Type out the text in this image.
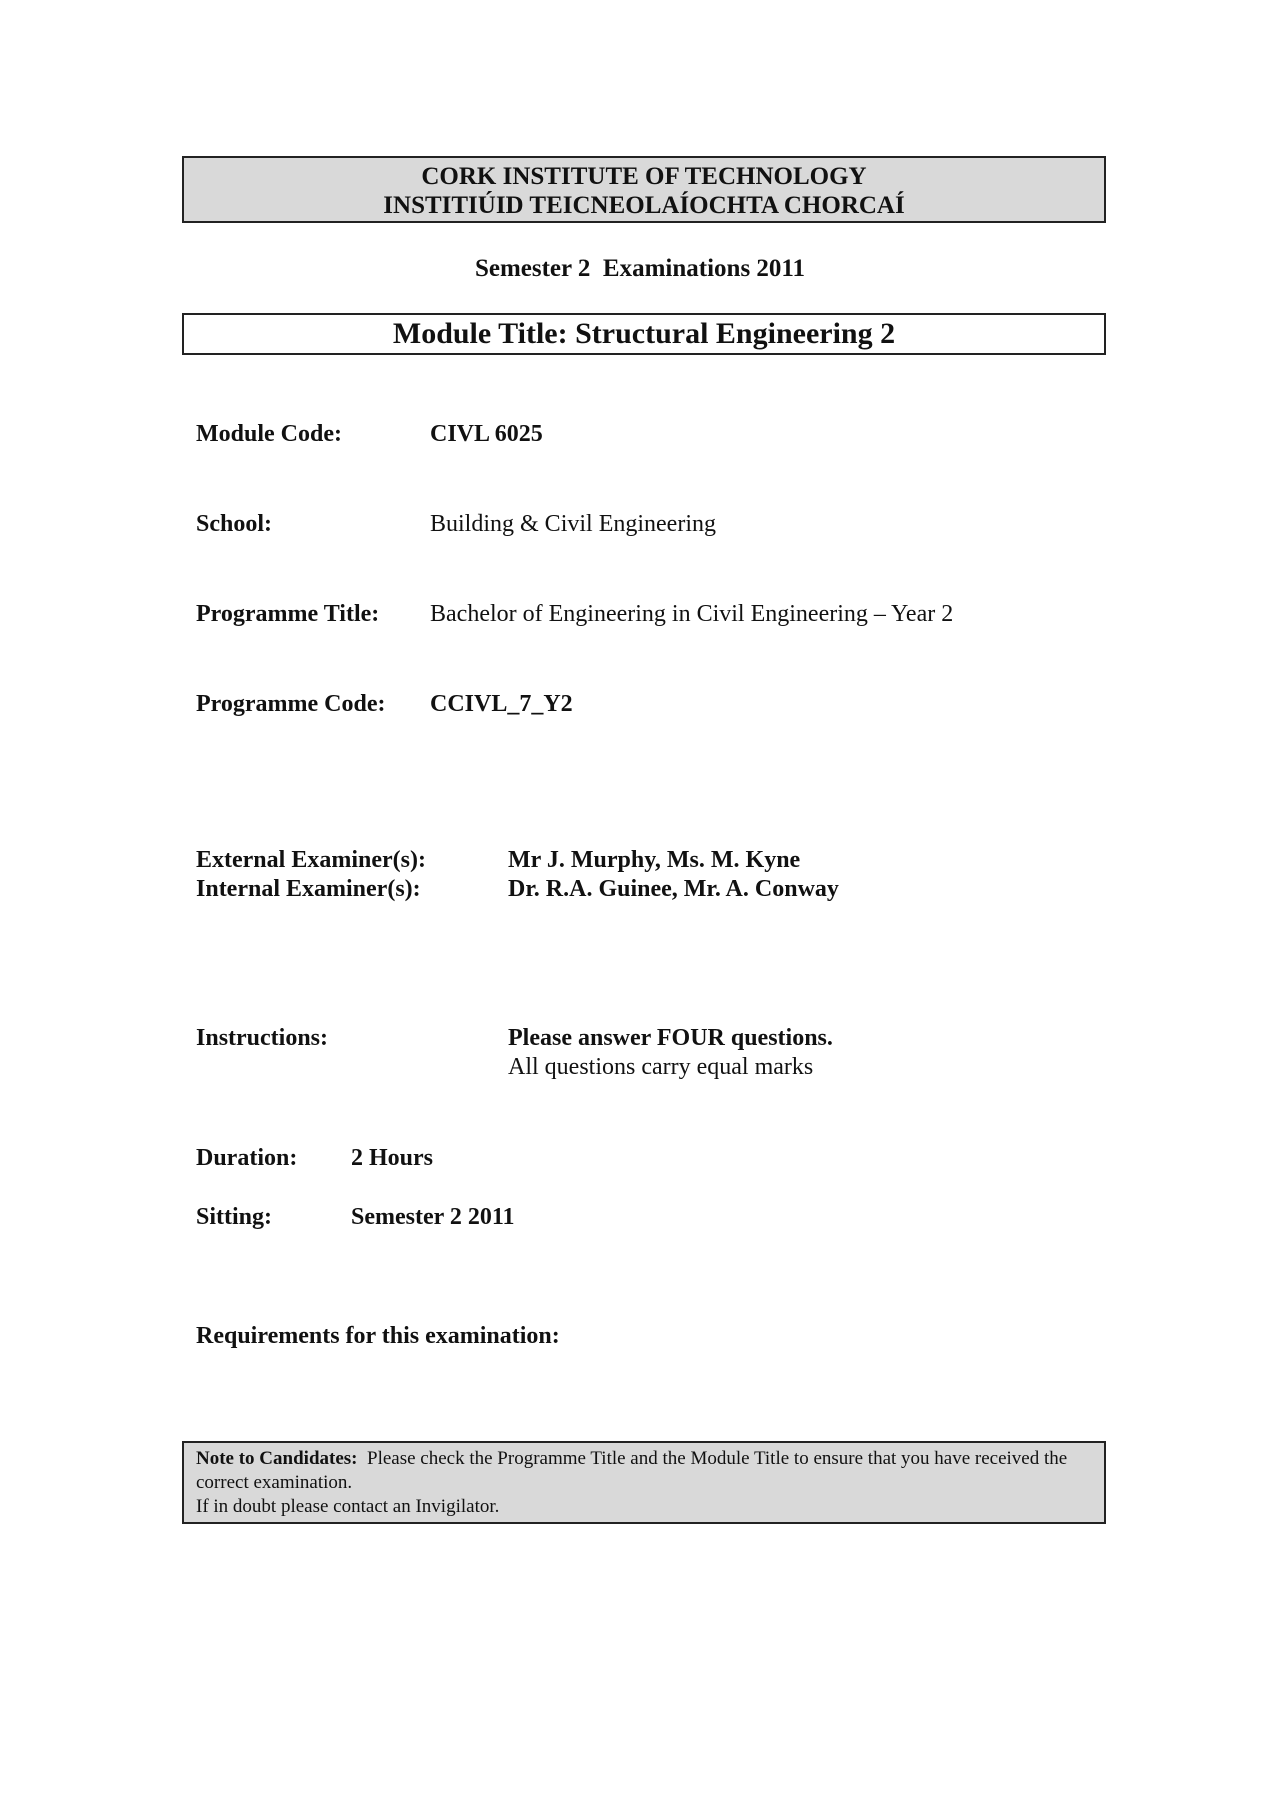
CORK INSTITUTE OF TECHNOLOGY
INSTITIÚID TEICNEOLAÍOCHTA CHORCAÍ
Semester 2  Examinations 2011
Module Title: Structural Engineering 2
Module Code:	CIVL 6025
School:	Building & Civil Engineering
Programme Title: Bachelor of Engineering in Civil Engineering – Year 2
Programme Code: CCIVL_7_Y2
External Examiner(s):	Mr J. Murphy, Ms. M. Kyne
Internal Examiner(s):	Dr. R.A. Guinee, Mr. A. Conway
Instructions:	Please answer FOUR questions.
All questions carry equal marks
Duration: 2 Hours
Sitting:	Semester 2 2011
Requirements for this examination:
Note to Candidates: Please check the Programme Title and the Module Title to ensure that you have received the correct examination.
If in doubt please contact an Invigilator.
